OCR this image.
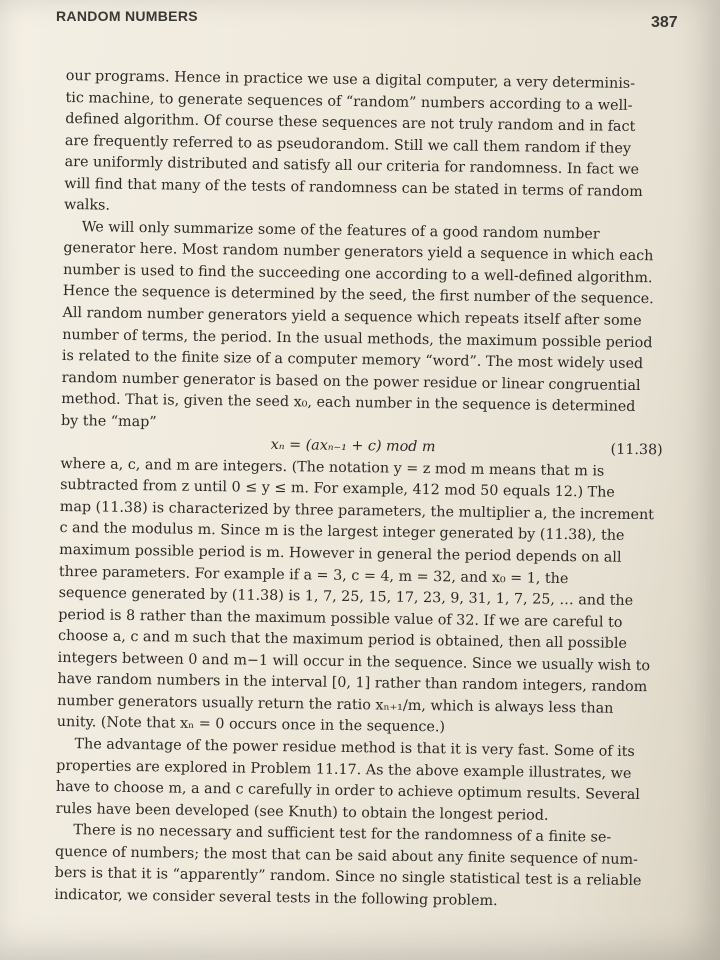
RANDOM NUMBERS	387
our programs. Hence in practice we use a digital computer, a very determinis-
tic machine, to generate sequences of “random” numbers according to a well-
defined algorithm. Of course these sequences are not truly random and in fact
are frequently referred to as pseudorandom. Still we call them random if they
are uniformly distributed and satisfy all our criteria for randomness. In fact we
will find that many of the tests of randomness can be stated in terms of random
walks.
We will only summarize some of the features of a good random number
generator here. Most random number generators yield a sequence in which each
number is used to find the succeeding one according to a well-defined algorithm.
Hence the sequence is determined by the seed, the first number of the sequence.
All random number generators yield a sequence which repeats itself after some
number of terms, the period. In the usual methods, the maximum possible period
is related to the finite size of a computer memory “word”. The most widely used
random number generator is based on the power residue or linear congruential
method. That is, given the seed x₀, each number in the sequence is determined
by the “map”
xₙ = (axₙ₋₁ + c) mod m	(11.38)
where a, c, and m are integers. (The notation y = z mod m means that m is
subtracted from z until 0 ≤ y ≤ m. For example, 412 mod 50 equals 12.) The
map (11.38) is characterized by three parameters, the multiplier a, the increment
c and the modulus m. Since m is the largest integer generated by (11.38), the
maximum possible period is m. However in general the period depends on all
three parameters. For example if a = 3, c = 4, m = 32, and x₀ = 1, the
sequence generated by (11.38) is 1, 7, 25, 15, 17, 23, 9, 31, 1, 7, 25, … and the
period is 8 rather than the maximum possible value of 32. If we are careful to
choose a, c and m such that the maximum period is obtained, then all possible
integers between 0 and m−1 will occur in the sequence. Since we usually wish to
have random numbers in the interval [0, 1] rather than random integers, random
number generators usually return the ratio xₙ₊₁/m, which is always less than
unity. (Note that xₙ = 0 occurs once in the sequence.)
The advantage of the power residue method is that it is very fast. Some of its
properties are explored in Problem 11.17. As the above example illustrates, we
have to choose m, a and c carefully in order to achieve optimum results. Several
rules have been developed (see Knuth) to obtain the longest period.
There is no necessary and sufficient test for the randomness of a finite se-
quence of numbers; the most that can be said about any finite sequence of num-
bers is that it is “apparently” random. Since no single statistical test is a reliable
indicator, we consider several tests in the following problem.
